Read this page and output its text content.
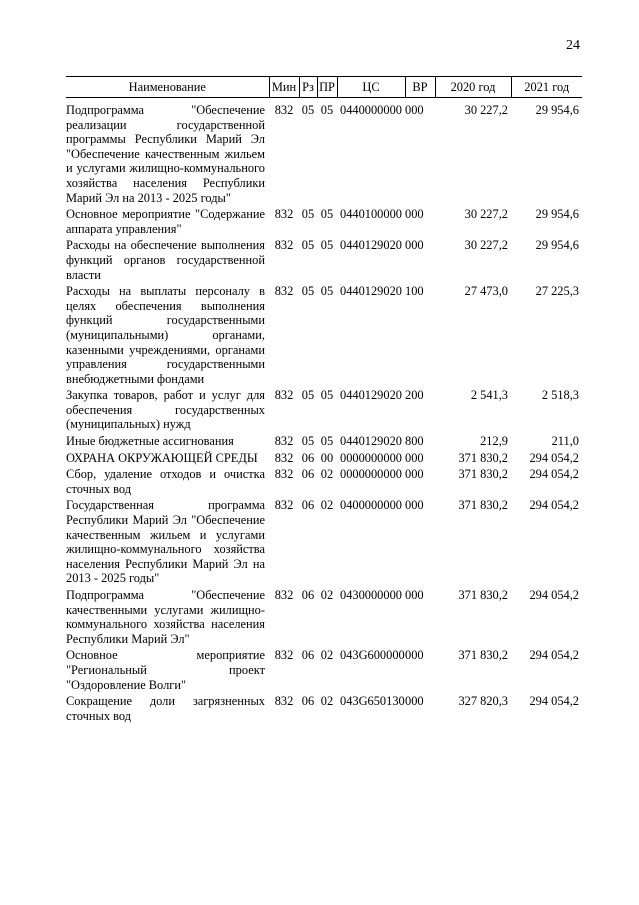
24
Наименование	Мин	Рз	ПР	ЦС	ВР	2020 год	2021 год
Подпрограмма "Обеспечение реализации государственной программы Республики Марий Эл "Обеспечение качественным жильем и услугами жилищно-коммунального хозяйства населения Республики Марий Эл на 2013 - 2025 годы"	832	05	05	0440000000	000	30 227,2	29 954,6
Основное мероприятие "Содержание аппарата управления"	832	05	05	0440100000	000	30 227,2	29 954,6
Расходы на обеспечение выполнения функций органов государственной власти	832	05	05	0440129020	000	30 227,2	29 954,6
Расходы на выплаты персоналу в целях обеспечения выполнения функций государственными (муниципальными) органами, казенными учреждениями, органами управления государственными внебюджетными фондами	832	05	05	0440129020	100	27 473,0	27 225,3
Закупка товаров, работ и услуг для обеспечения государственных (муниципальных) нужд	832	05	05	0440129020	200	2 541,3	2 518,3
Иные бюджетные ассигнования	832	05	05	0440129020	800	212,9	211,0
ОХРАНА ОКРУЖАЮЩЕЙ СРЕДЫ	832	06	00	0000000000	000	371 830,2	294 054,2
Сбор, удаление отходов и очистка сточных вод	832	06	02	0000000000	000	371 830,2	294 054,2
Государственная программа Республики Марий Эл "Обеспечение качественным жильем и услугами жилищно-коммунального хозяйства населения Республики Марий Эл на 2013 - 2025 годы"	832	06	02	0400000000	000	371 830,2	294 054,2
Подпрограмма "Обеспечение качественными услугами жилищно-коммунального хозяйства населения Республики Марий Эл"	832	06	02	0430000000	000	371 830,2	294 054,2
Основное мероприятие "Региональный проект "Оздоровление Волги"	832	06	02	043G600000	000	371 830,2	294 054,2
Сокращение доли загрязненных сточных вод	832	06	02	043G650130	000	327 820,3	294 054,2
